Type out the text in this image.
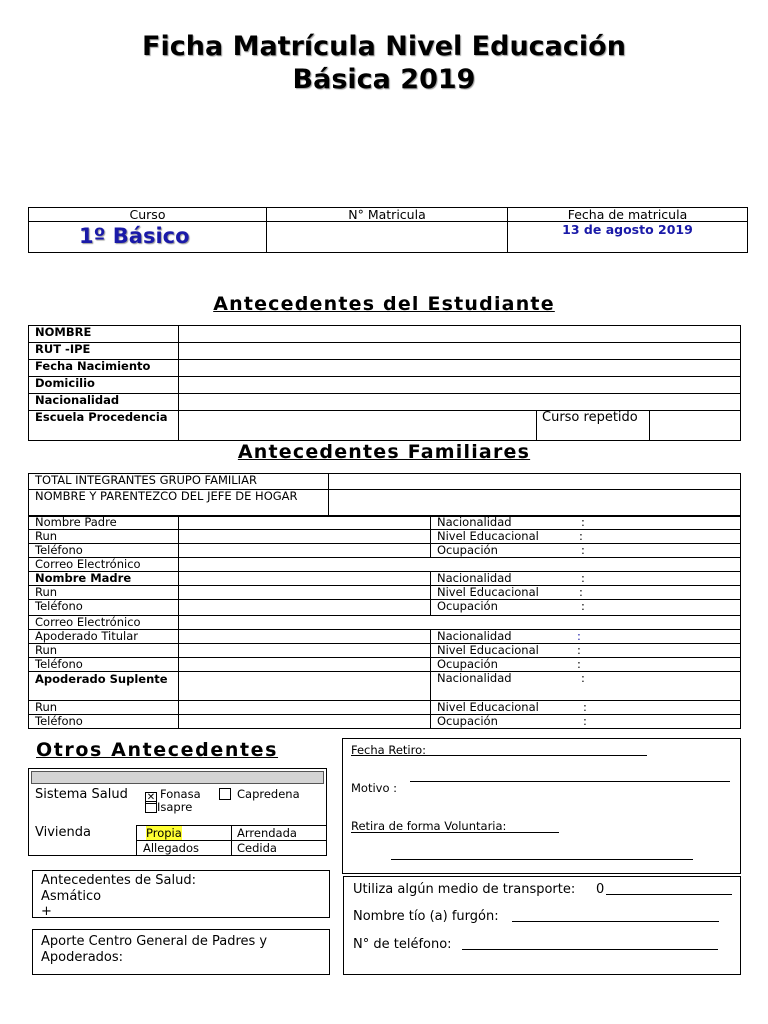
Ficha Matrícula Nivel Educación
Básica 2019
Curso	N° Matricula	Fecha de matricula
1º Básico		13 de agosto 2019
Antecedentes del Estudiante
NOMBRE		
RUT -IPE		
Fecha Nacimiento		
Domicilio		
Nacionalidad		
Escuela Procedencia		Curso repetido
Antecedentes Familiares
TOTAL INTEGRANTES GRUPO FAMILIAR	
NOMBRE Y PARENTEZCO DEL JEFE DE HOGAR	
Nombre Padre		Nacionalidad :

Run		Nivel Educacional :

Teléfono		Ocupación :

Correo Electrónico		
Nombre Madre		Nacionalidad :

Run		Nivel Educacional :

Teléfono		Ocupación :

Correo Electrónico		
Apoderado Titular		Nacionalidad :

Run		Nivel Educacional :

Teléfono		Ocupación :

Apoderado Suplente		Nacionalidad :

Run		Nivel Educacional :

Teléfono		Ocupación :
Otros Antecedentes
Sistema Salud ✕ Fonasa	Capredena
Isapre
Vivienda	Propia	Arrendada
Allegados	Cedida
Fecha Retiro:
Motivo :
Retira de forma Voluntaria:
Antecedentes de Salud:
Asmático
+
Aporte Centro General de Padres y Apoderados:
Utiliza algún medio de transporte: 0
Nombre tío (a) furgón:
N° de teléfono:
